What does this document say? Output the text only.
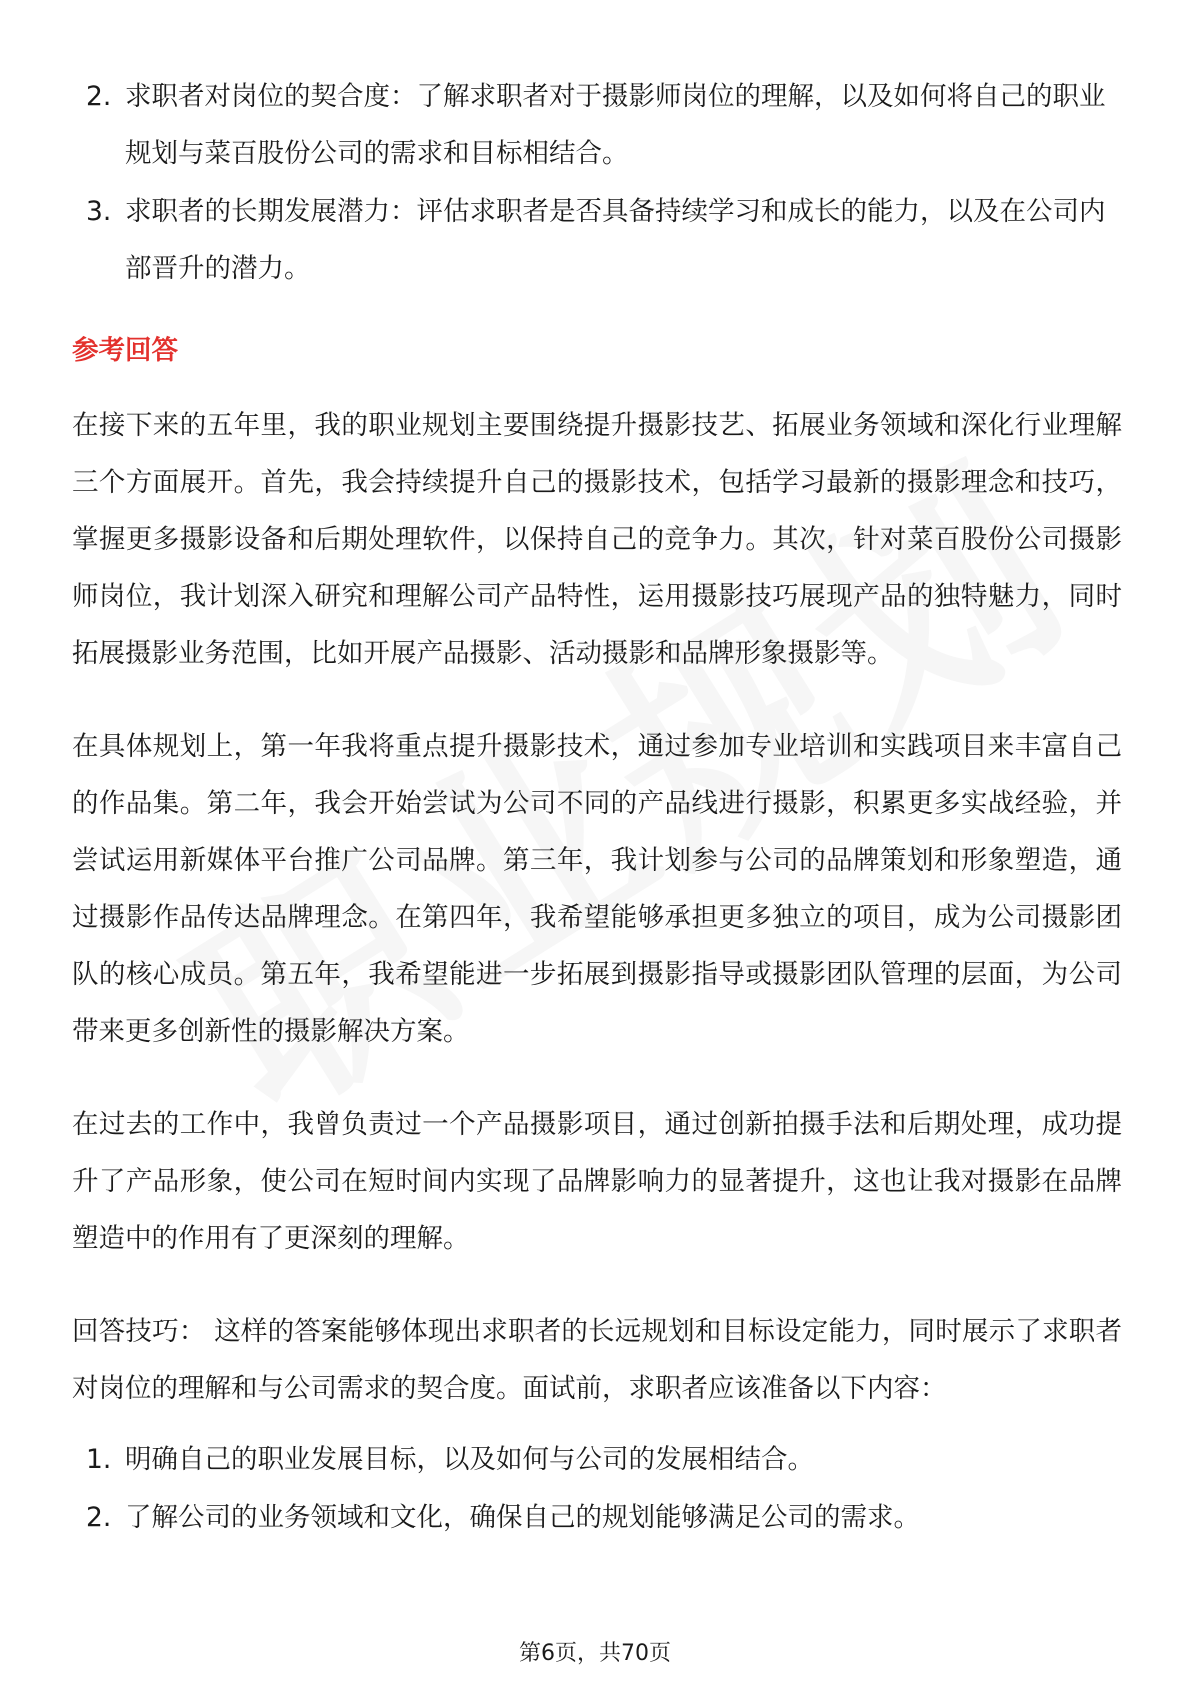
2. 求职者对岗位的契合度：了解求职者对于摄影师岗位的理解，以及如何将自己的职业规划与菜百股份公司的需求和目标相结合。
3. 求职者的长期发展潜力：评估求职者是否具备持续学习和成长的能力，以及在公司内部晋升的潜力。
参考回答

在接下来的五年里，我的职业规划主要围绕提升摄影技艺、拓展业务领域和深化行业理解三个方面展开。首先，我会持续提升自己的摄影技术，包括学习最新的摄影理念和技巧，掌握更多摄影设备和后期处理软件，以保持自己的竞争力。其次，针对菜百股份公司摄影师岗位，我计划深入研究和理解公司产品特性，运用摄影技巧展现产品的独特魅力，同时拓展摄影业务范围，比如开展产品摄影、活动摄影和品牌形象摄影等。

在具体规划上，第一年我将重点提升摄影技术，通过参加专业培训和实践项目来丰富自己的作品集。第二年，我会开始尝试为公司不同的产品线进行摄影，积累更多实战经验，并尝试运用新媒体平台推广公司品牌。第三年，我计划参与公司的品牌策划和形象塑造，通过摄影作品传达品牌理念。在第四年，我希望能够承担更多独立的项目，成为公司摄影团队的核心成员。第五年，我希望能进一步拓展到摄影指导或摄影团队管理的层面，为公司带来更多创新性的摄影解决方案。

在过去的工作中，我曾负责过一个产品摄影项目，通过创新拍摄手法和后期处理，成功提升了产品形象，使公司在短时间内实现了品牌影响力的显著提升，这也让我对摄影在品牌塑造中的作用有了更深刻的理解。

回答技巧： 这样的答案能够体现出求职者的长远规划和目标设定能力，同时展示了求职者对岗位的理解和与公司需求的契合度。面试前，求职者应该准备以下内容：

1. 明确自己的职业发展目标，以及如何与公司的发展相结合。
2. 了解公司的业务领域和文化，确保自己的规划能够满足公司的需求。
第6页，共70页
